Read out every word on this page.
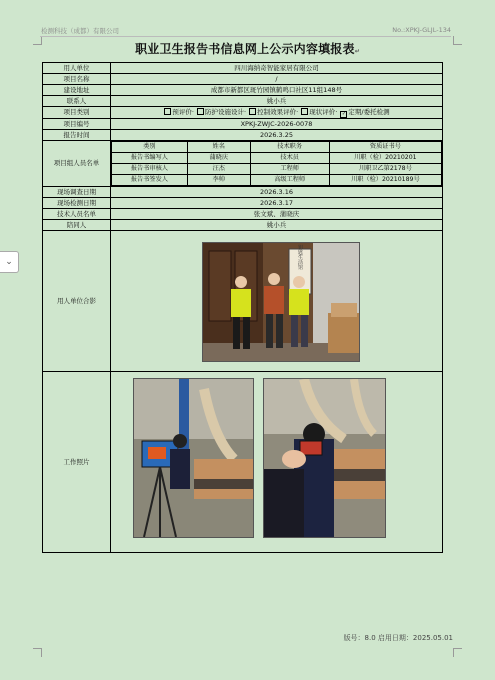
检测科技（成都）有限公司	No.:XPKJ-GLJL-134
职业卫生报告书信息网上公示内容填报表↵
⌄
用人单位	四川海纳奇智能家居有限公司
项目名称	/
建设地址	成都市新都区斑竹园镇鹤鸣口社区11组148号
联系人	姚小兵
项目类别	预评价· 防护设施设计· 控制效果评价· 现状评价· ✓ 定期/委托检测
项目编号	XPKJ-ZWJC-2026-0078
报告时间	2026.3.25
项目组人员名单	
类别	姓名	技术职务	资质证书号
报告书编写人	蒲晓庆	技术员	川职（检）20210201
报告书审核人	汪杰	工程师	川职卫乙第2178号
报告书签发人	李帅	高级工程师	川职（检）20210189号

现场调查日期	2026.3.16
现场检测日期	2026.3.17
技术人员名单	张文斌、蒲晓庆
陪同人	姚小兵
用人单位合影	
钥匙生活馆

工作照片	
版号：8.0 启用日期：2025.05.01
